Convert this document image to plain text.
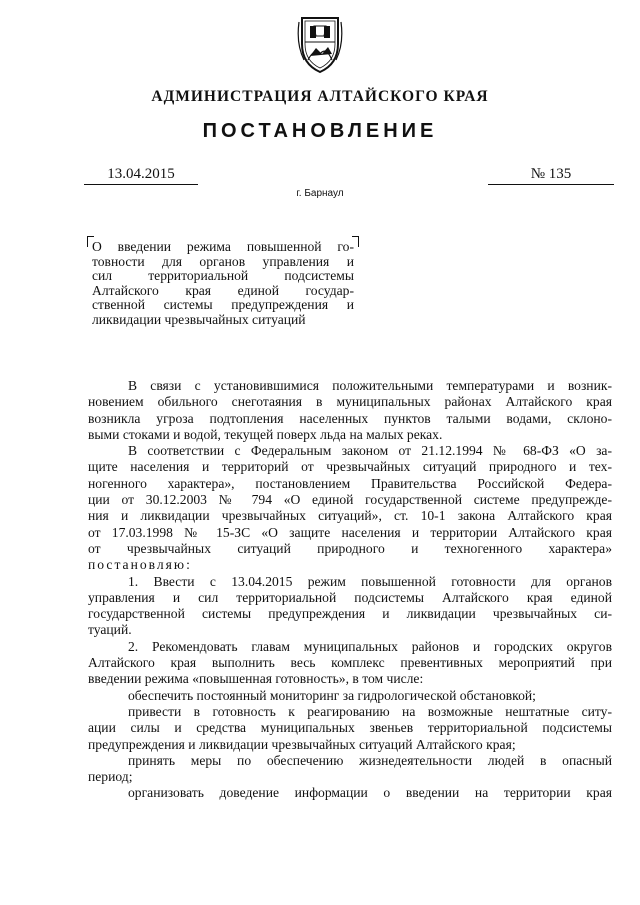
АДМИНИСТРАЦИЯ АЛТАЙСКОГО КРАЯ
ПОСТАНОВЛЕНИЕ
13.04.2015	№ 135
г. Барнаул
О введении режима повышенной го-
товности для органов управления и
сил территориальной подсистемы
Алтайского края единой государ-
ственной системы предупреждения и
ликвидации чрезвычайных ситуаций
В связи с установившимися положительными температурами и возник-
новением обильного снеготаяния в муниципальных районах Алтайского края
возникла угроза подтопления населенных пунктов талыми водами, склоно-
выми стоками и водой, текущей поверх льда на малых реках.
В соответствии с Федеральным законом от 21.12.1994 № 68-ФЗ «О за-
щите населения и территорий от чрезвычайных ситуаций природного и тех-
ногенного характера», постановлением Правительства Российской Федера-
ции от 30.12.2003 № 794 «О единой государственной системе предупрежде-
ния и ликвидации чрезвычайных ситуаций», ст. 10-1 закона Алтайского края
от 17.03.1998 № 15-ЗС «О защите населения и территории Алтайского края
от чрезвычайных ситуаций природного и техногенного характера»
постановляю:
1. Ввести с 13.04.2015 режим повышенной готовности для органов
управления и сил территориальной подсистемы Алтайского края единой
государственной системы предупреждения и ликвидации чрезвычайных си-
туаций.
2. Рекомендовать главам муниципальных районов и городских округов
Алтайского края выполнить весь комплекс превентивных мероприятий при
введении режима «повышенная готовность», в том числе:
обеспечить постоянный мониторинг за гидрологической обстановкой;
привести в готовность к реагированию на возможные нештатные ситу-
ации силы и средства муниципальных звеньев территориальной подсистемы
предупреждения и ликвидации чрезвычайных ситуаций Алтайского края;
принять меры по обеспечению жизнедеятельности людей в опасный
период;
организовать доведение информации о введении на территории края
